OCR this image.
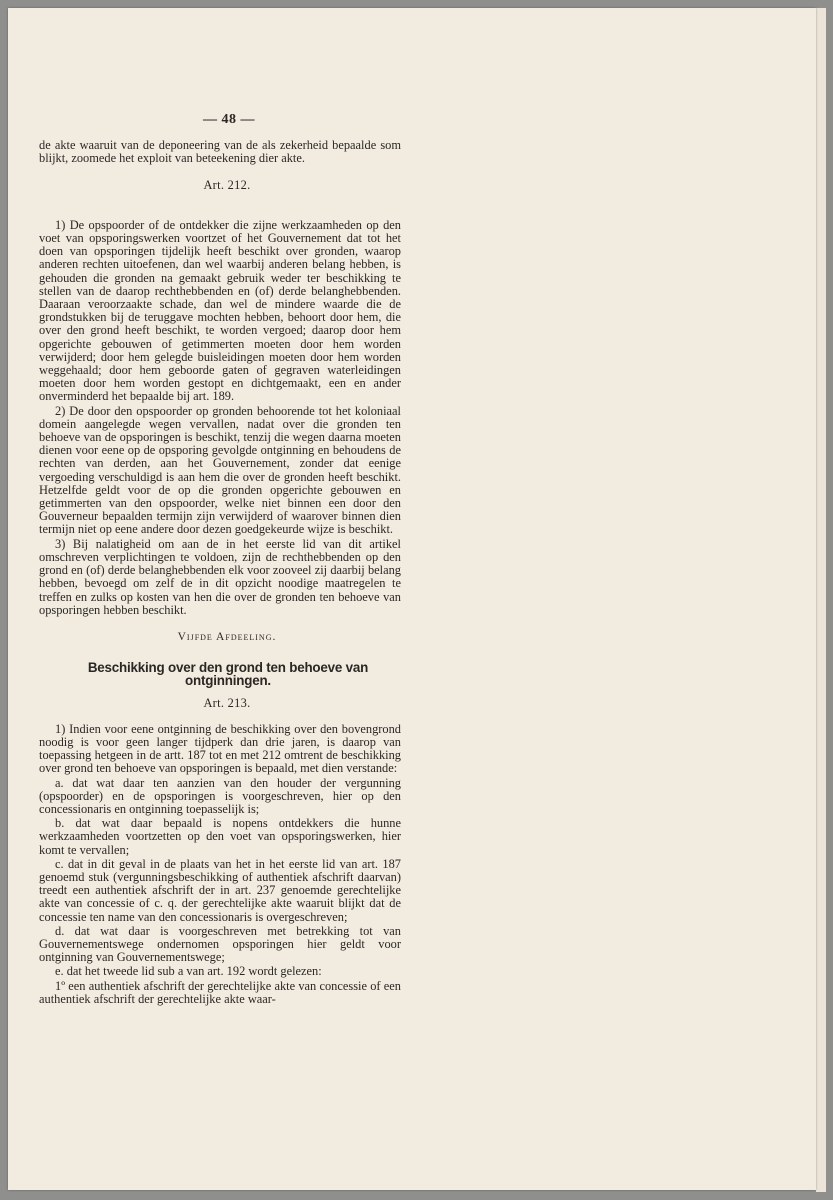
— 48 —

de akte waaruit van de deponeering van de als zekerheid bepaalde som blijkt, zoomede het exploit van beteekening dier akte.

Art. 212.

1) De opspoorder of de ontdekker die zijne werkzaamheden op den voet van opsporingswerken voortzet of het Gouvernement dat tot het doen van opsporingen tijdelijk heeft beschikt over gronden, waarop anderen rechten uitoefenen, dan wel waarbij anderen belang hebben, is gehouden die gronden na gemaakt gebruik weder ter beschikking te stellen van de daarop rechthebbenden en (of) derde belanghebbenden. Daaraan veroorzaakte schade, dan wel de mindere waarde die de grondstukken bij de teruggave mochten hebben, behoort door hem, die over den grond heeft beschikt, te worden vergoed; daarop door hem opgerichte gebouwen of getimmerten moeten door hem worden verwijderd; door hem gelegde buisleidingen moeten door hem worden weggehaald; door hem geboorde gaten of gegraven waterleidingen moeten door hem worden gestopt en dichtgemaakt, een en ander onverminderd het bepaalde bij art. 189.

2) De door den opspoorder op gronden behoorende tot het koloniaal domein aangelegde wegen vervallen, nadat over die gronden ten behoeve van de opsporingen is beschikt, tenzij die wegen daarna moeten dienen voor eene op de opsporing gevolgde ontginning en behoudens de rechten van derden, aan het Gouvernement, zonder dat eenige vergoeding verschuldigd is aan hem die over de gronden heeft beschikt. Hetzelfde geldt voor de op die gronden opgerichte gebouwen en getimmerten van den opspoorder, welke niet binnen een door den Gouverneur bepaalden termijn zijn verwijderd of waarover binnen dien termijn niet op eene andere door dezen goedgekeurde wijze is beschikt.

3) Bij nalatigheid om aan de in het eerste lid van dit artikel omschreven verplichtingen te voldoen, zijn de rechthebbenden op den grond en (of) derde belanghebbenden elk voor zooveel zij daarbij belang hebben, bevoegd om zelf de in dit opzicht noodige maatregelen te treffen en zulks op kosten van hen die over de gronden ten behoeve van opsporingen hebben beschikt.

Vijfde Afdeeling.
Beschikking over den grond ten behoeve van ontginningen.
Art. 213.

1) Indien voor eene ontginning de beschikking over den bovengrond noodig is voor geen langer tijdperk dan drie jaren, is daarop van toepassing hetgeen in de artt. 187 tot en met 212 omtrent de beschikking over grond ten behoeve van opsporingen is bepaald, met dien verstande:

a. dat wat daar ten aanzien van den houder der vergunning (opspoorder) en de opsporingen is voorgeschreven, hier op den concessionaris en ontginning toepasselijk is;

b. dat wat daar bepaald is nopens ontdekkers die hunne werkzaamheden voortzetten op den voet van opsporingswerken, hier komt te vervallen;

c. dat in dit geval in de plaats van het in het eerste lid van art. 187 genoemd stuk (vergunningsbeschikking of authentiek afschrift daarvan) treedt een authentiek afschrift der in art. 237 genoemde gerechtelijke akte van concessie of c. q. der gerechtelijke akte waaruit blijkt dat de concessie ten name van den concessionaris is overgeschreven;

d. dat wat daar is voorgeschreven met betrekking tot van Gouvernementswege ondernomen opsporingen hier geldt voor ontginning van Gouvernementswege;

e. dat het tweede lid sub a van art. 192 wordt gelezen:

1º een authentiek afschrift der gerechtelijke akte van concessie of een authentiek afschrift der gerechtelijke akte waar-
